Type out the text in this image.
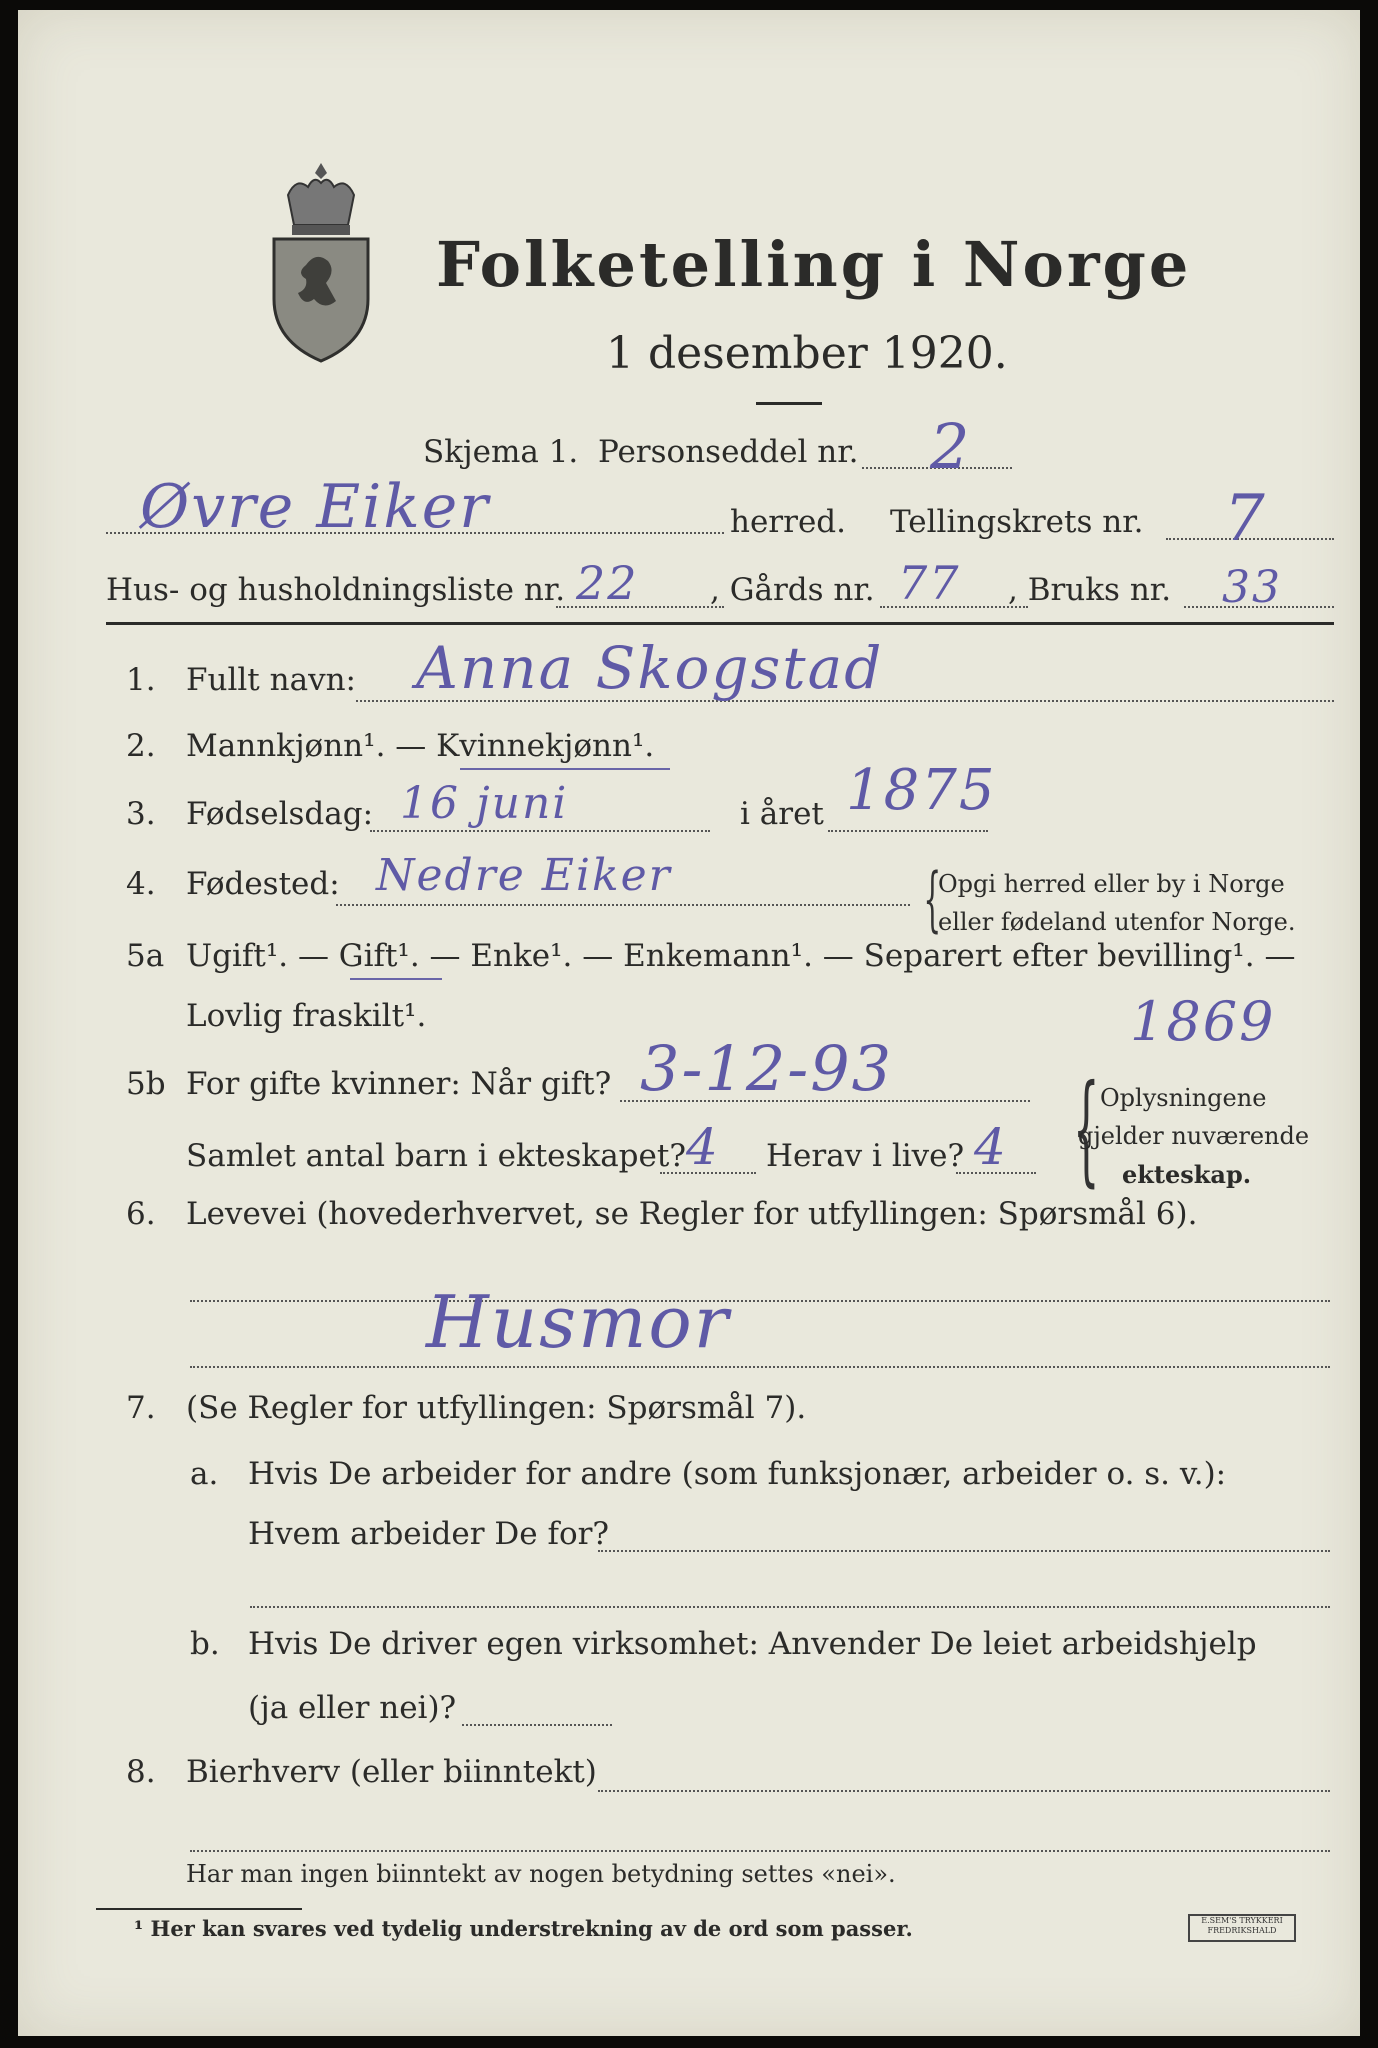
Folketelling i Norge
1 desember 1920.
Skjema 1. Personseddel nr. 2
Øvre Eiker	herred. Tellingskrets nr. 7
Hus- og husholdningsliste nr. 22 , Gårds nr. 77 , Bruks nr. 33
1. Fullt navn: Anna Skogstad
2. Mannkjønn¹. — Kvinnekjønn¹.
3. Fødselsdag: 16 juni	i året 1875
4. Fødested: Nedre Eiker	{
Opgi herred eller by i Norge
eller fødeland utenfor Norge.
5a Ugift¹. — Gift¹. — Enke¹. — Enkemann¹. — Separert efter bevilling¹. —
Lovlig fraskilt¹.	1869
5b For gifte kvinner: Når gift? 3-12-93
Samlet antal barn i ekteskapet? 4 Herav i live? 4 { Oplysningene
gjelder nuværende
ekteskap.
6. Levevei (hovederhvervet, se Regler for utfyllingen: Spørsmål 6).
Husmor
7. (Se Regler for utfyllingen: Spørsmål 7).
a. Hvis De arbeider for andre (som funksjonær, arbeider o. s. v.):
Hvem arbeider De for?
b. Hvis De driver egen virksomhet: Anvender De leiet arbeidshjelp
(ja eller nei)?
8. Bierhverv (eller biinntekt)
Har man ingen biinntekt av nogen betydning settes «nei».
¹ Her kan svares ved tydelig understrekning av de ord som passer.	E.SEM'S TRYKKERI
FREDRIKSHALD
